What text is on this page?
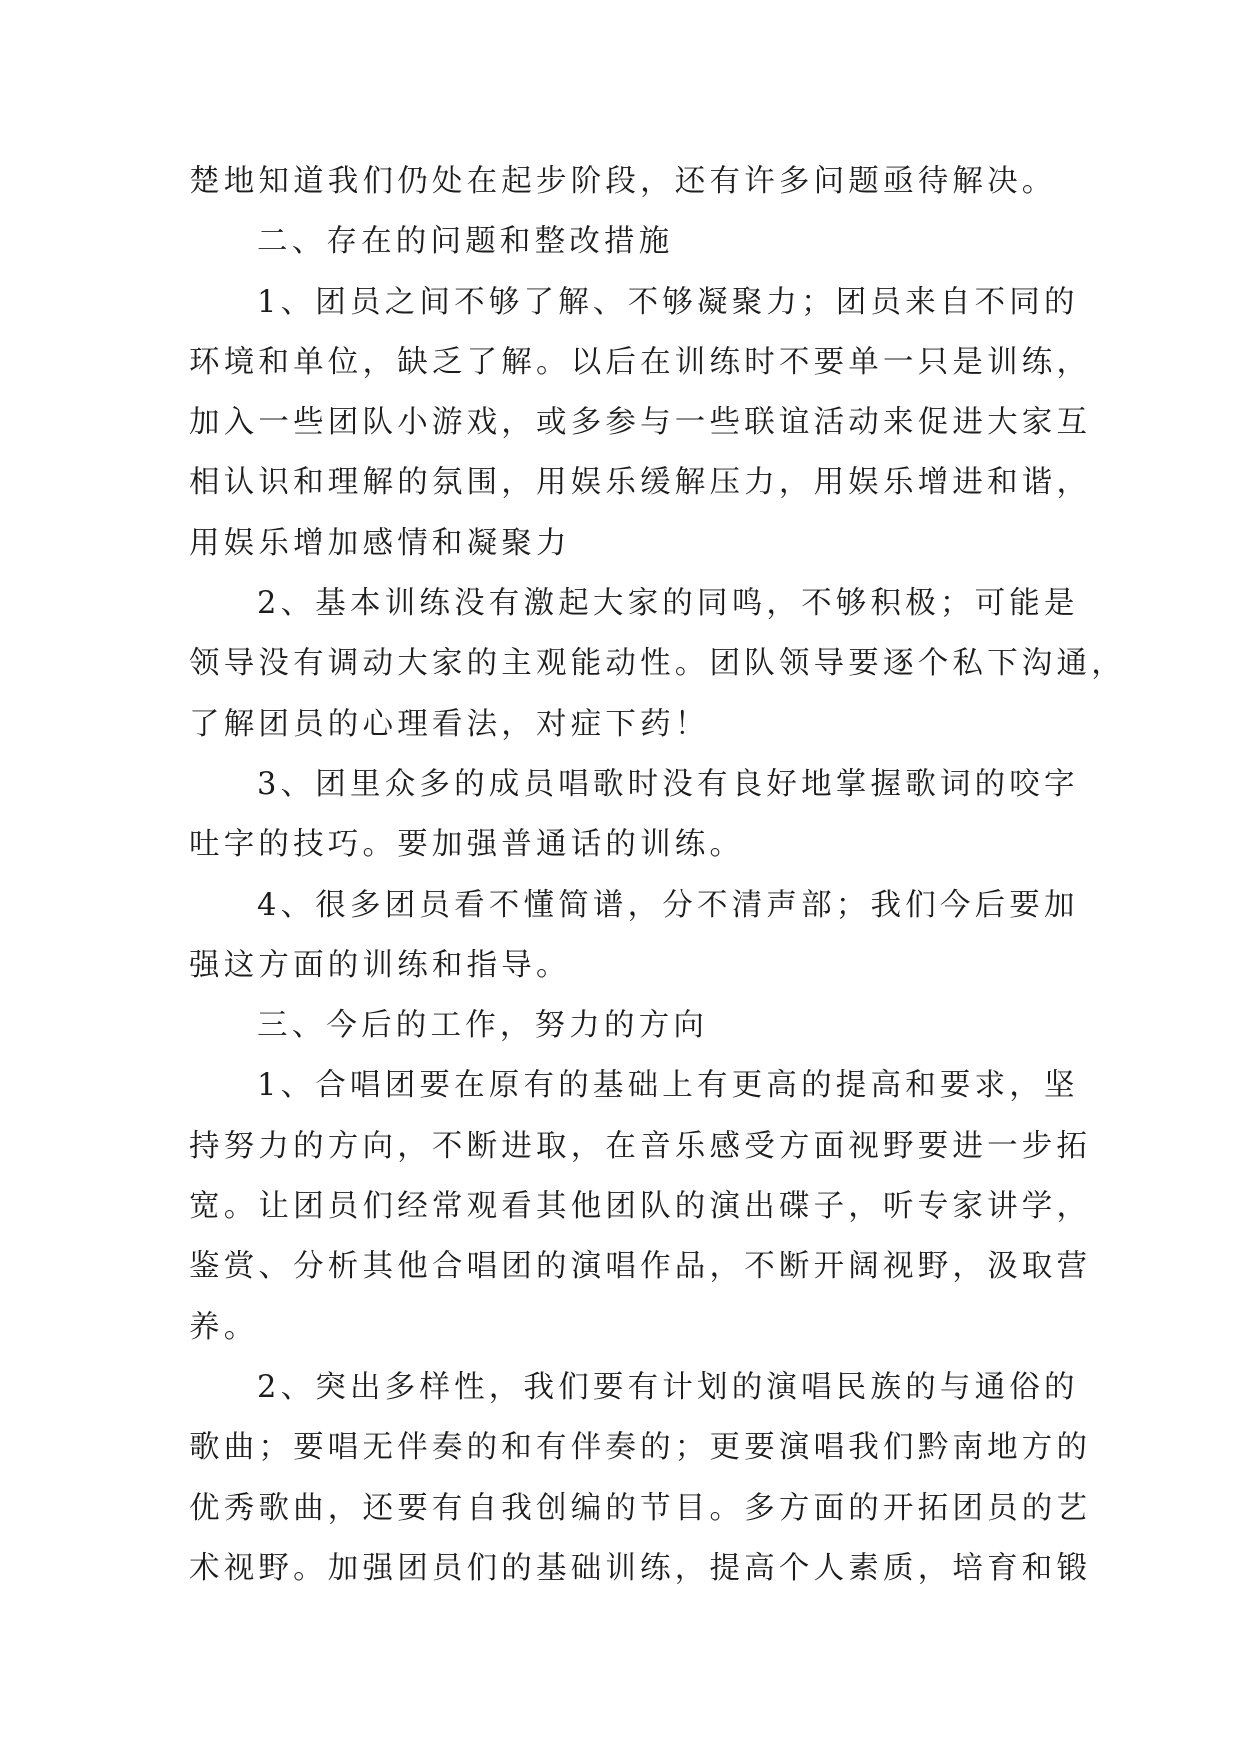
楚地知道我们仍处在起步阶段，还有许多问题亟待解决。
二、存在的问题和整改措施
1、团员之间不够了解、不够凝聚力；团员来自不同的
环境和单位，缺乏了解。以后在训练时不要单一只是训练，
加入一些团队小游戏，或多参与一些联谊活动来促进大家互
相认识和理解的氛围，用娱乐缓解压力，用娱乐增进和谐，
用娱乐增加感情和凝聚力
2、基本训练没有激起大家的同鸣，不够积极；可能是
领导没有调动大家的主观能动性。团队领导要逐个私下沟通，
了解团员的心理看法，对症下药！
3、团里众多的成员唱歌时没有良好地掌握歌词的咬字
吐字的技巧。要加强普通话的训练。
4、很多团员看不懂简谱，分不清声部；我们今后要加
强这方面的训练和指导。
三、今后的工作，努力的方向
1、合唱团要在原有的基础上有更高的提高和要求，坚
持努力的方向，不断进取，在音乐感受方面视野要进一步拓
宽。让团员们经常观看其他团队的演出碟子，听专家讲学，
鉴赏、分析其他合唱团的演唱作品，不断开阔视野，汲取营
养。
2、突出多样性，我们要有计划的演唱民族的与通俗的
歌曲；要唱无伴奏的和有伴奏的；更要演唱我们黔南地方的
优秀歌曲，还要有自我创编的节目。多方面的开拓团员的艺
术视野。加强团员们的基础训练，提高个人素质，培育和锻
